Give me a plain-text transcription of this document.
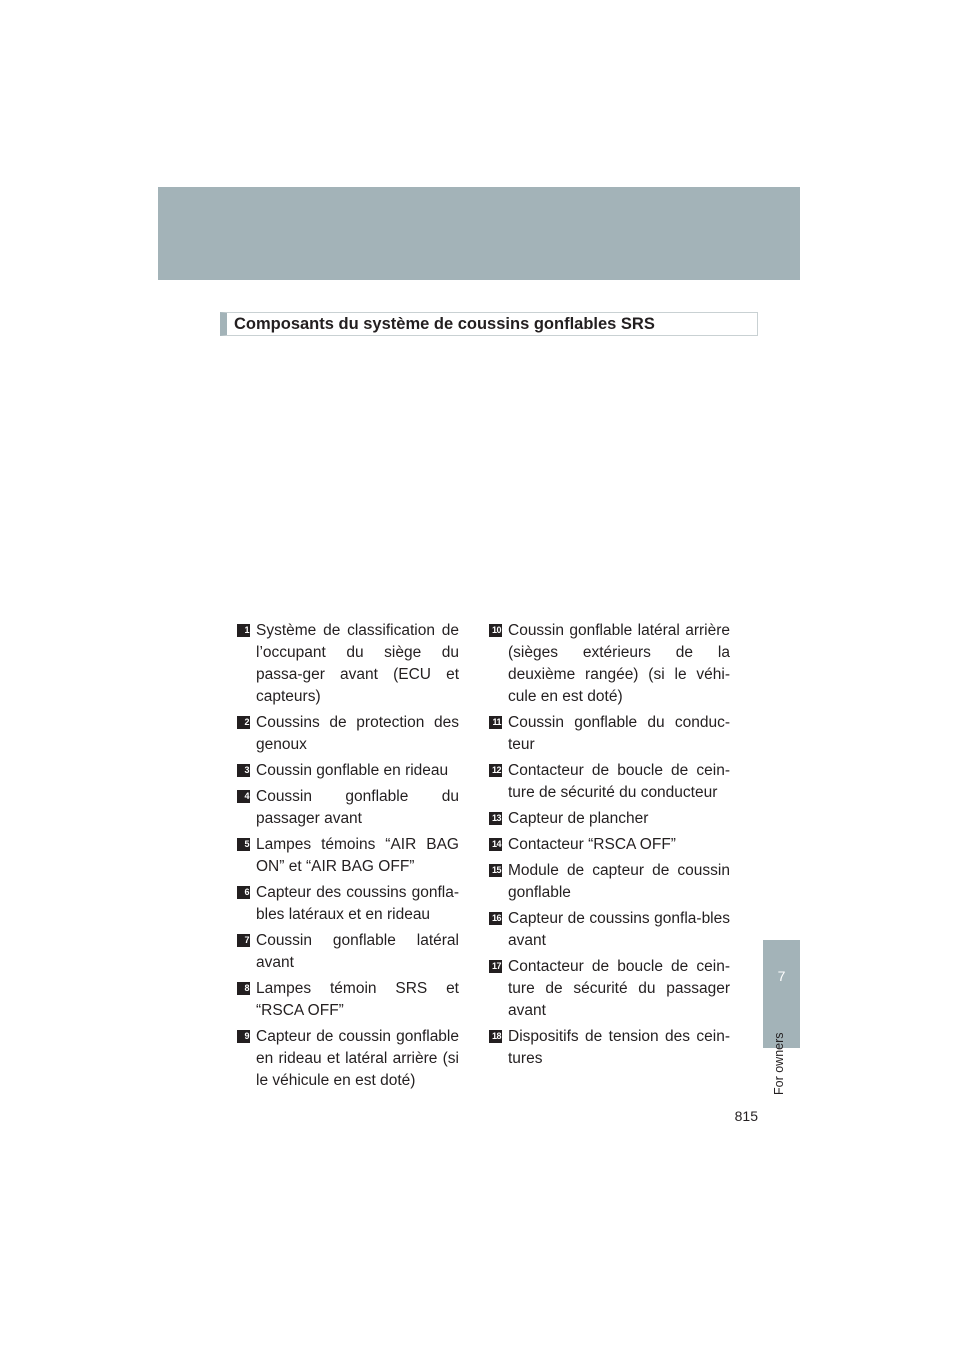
Composants du système de coussins gonflables SRS
1 Système de classification de l’occupant du siège du passa-ger avant (ECU et capteurs)
2 Coussins de protection des genoux
3 Coussin gonflable en rideau
4 Coussin gonflable du passager avant
5 Lampes témoins “AIR BAG ON” et “AIR BAG OFF”
6 Capteur des coussins gonfla-bles latéraux et en rideau
7 Coussin gonflable latéral avant
8 Lampes témoin SRS et “RSCA OFF”
9 Capteur de coussin gonflable en rideau et latéral arrière (si le véhicule en est doté)
10 Coussin gonflable latéral arrière (sièges extérieurs de la deuxième rangée) (si le véhi-cule en est doté)
11 Coussin gonflable du conduc-teur
12 Contacteur de boucle de cein-ture de sécurité du conducteur
13 Capteur de plancher
14 Contacteur “RSCA OFF”
15 Module de capteur de coussin gonflable
16 Capteur de coussins gonfla-bles avant
17 Contacteur de boucle de cein-ture de sécurité du passager avant
18 Dispositifs de tension des cein-tures
7
For owners
815
